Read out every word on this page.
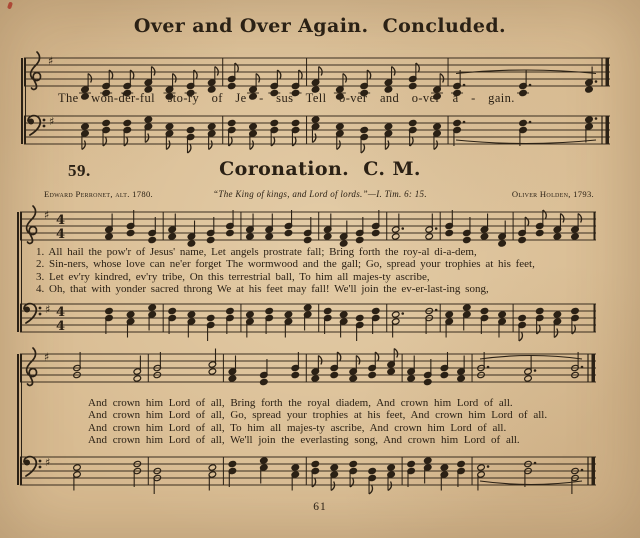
Over and Over Again.  Concluded.
♯
The won-der-ful sto-ry of Je - sus Tell o-ver and o-ver a - gain.
♯
59.	Coronation.  C. M.
Edward Perronet, alt. 1780.	“The King of kings, and Lord of lords.”—I. Tim. 6: 15.	Oliver Holden, 1793.
♯ 4
4
1. All hail the pow'r of Jesus' name, Let angels prostrate fall; Bring forth the roy-al di-a-dem,
2. Sin-ners, whose love can ne'er forget The wormwood and the gall; Go, spread your trophies at his feet,
3. Let ev'ry kindred, ev'ry tribe, On this terrestrial ball, To him all majes-ty ascribe,
4. Oh, that with yonder sacred throng We at his feet may fall! We'll join the ev-er-last-ing song,
♯ 4
4
♯
And crown him Lord of all, Bring forth the royal diadem, And crown him Lord of all.
And crown him Lord of all, Go, spread your trophies at his feet, And crown him Lord of all.
And crown him Lord of all, To him all majes-ty ascribe, And crown him Lord of all.
And crown him Lord of all, We'll join the everlasting song, And crown him Lord of all.
♯
61
